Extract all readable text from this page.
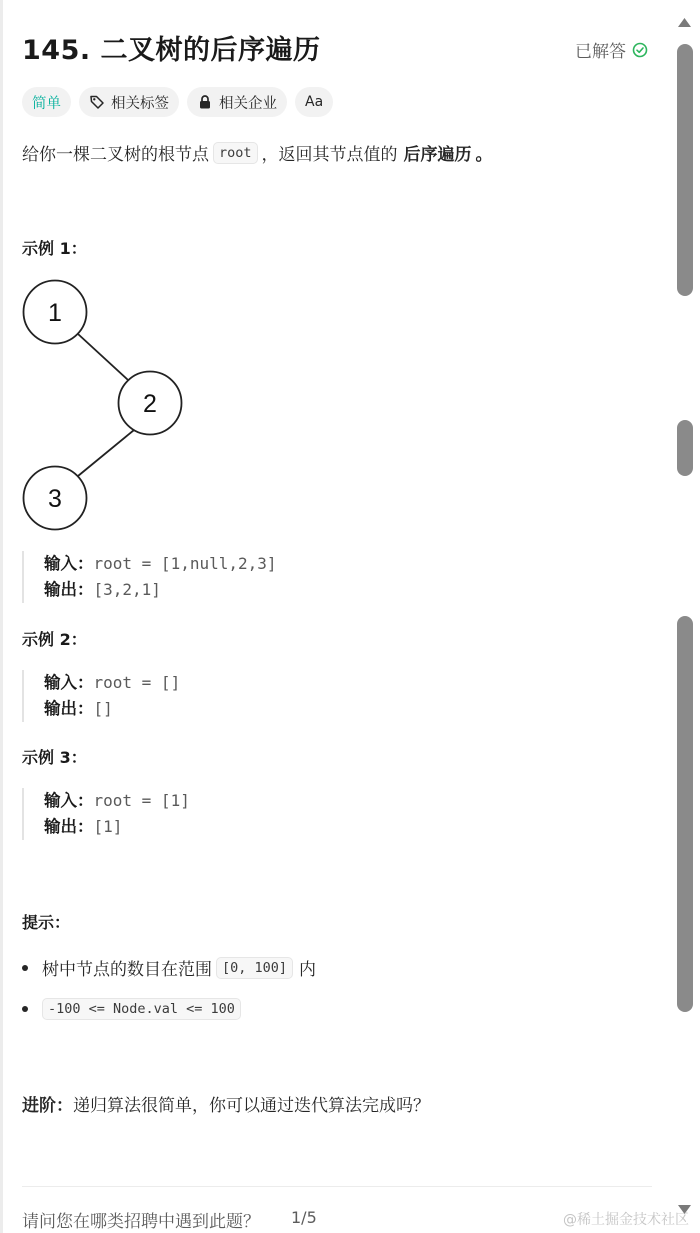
145. 二叉树的后序遍历	已解答
简单	相关标签	相关企业 Aa
给你一棵二叉树的根节点 root ，返回其节点值的 后序遍历 。
示例 1：
1
2
3
输入：root = [1,null,2,3]
输出：[3,2,1]
示例 2：
输入：root = []
输出：[]
示例 3：
输入：root = [1]
输出：[1]
提示：
树中节点的数目在范围 [0, 100] 内
-100 <= Node.val <= 100
进阶：递归算法很简单，你可以通过迭代算法完成吗？
请问您在哪类招聘中遇到此题？ 1/5	@稀土掘金技术社区
